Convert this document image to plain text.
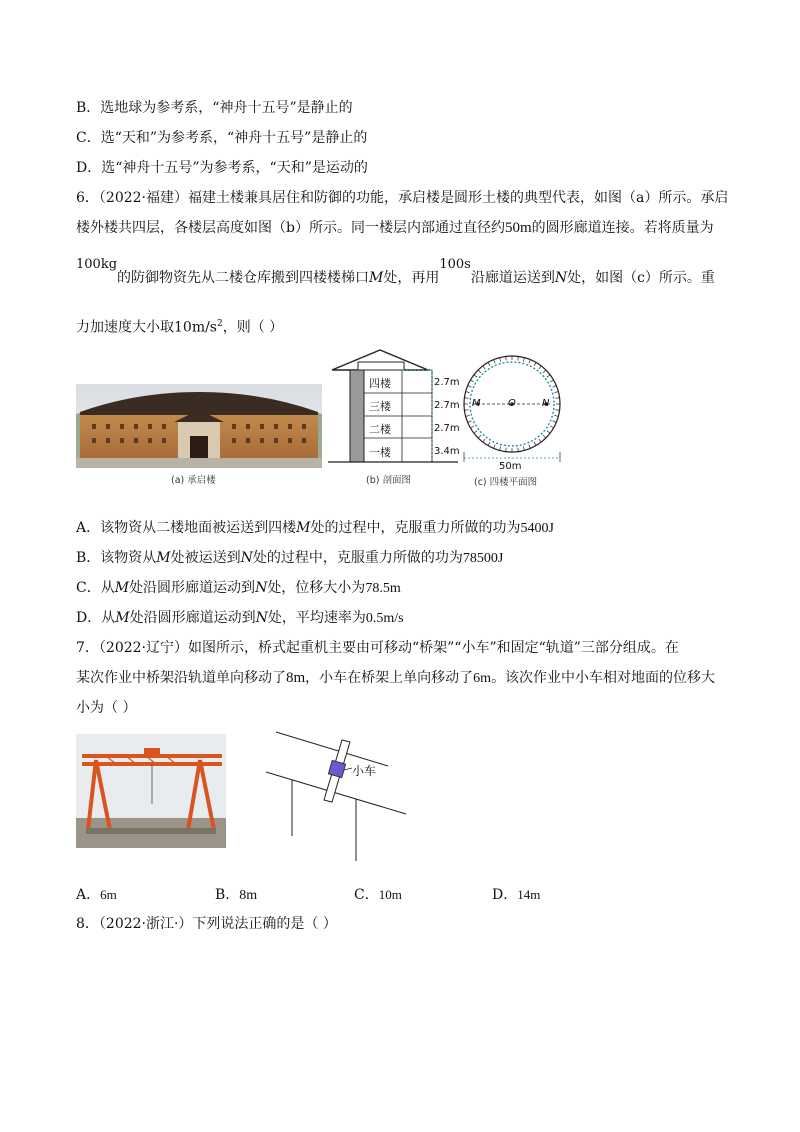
B．选地球为参考系，“神舟十五号”是静止的
C．选“天和”为参考系，“神舟十五号”是静止的
D．选“神舟十五号”为参考系，“天和”是运动的
6．（2022·福建）福建土楼兼具居住和防御的功能，承启楼是圆形土楼的典型代表，如图（a）所示。承启
楼外楼共四层，各楼层高度如图（b）所示。同一楼层内部通过直径约50m的圆形廊道连接。若将质量为
100kg的防御物资先从二楼仓库搬到四楼楼梯口M处，再用100s沿廊道运送到N处，如图（c）所示。重
力加速度大小取$10m/s^2$，则（ ）
(a) 承启楼
四楼
三楼
二楼
一楼
2.7m
2.7m
2.7m
3.4m
(b) 剖面图
M	O	N
50m
(c) 四楼平面图
A．该物资从二楼地面被运送到四楼M处的过程中，克服重力所做的功为5400J
B．该物资从M处被运送到N处的过程中，克服重力所做的功为78500J
C．从M处沿圆形廊道运动到N处，位移大小为78.5m
D．从M处沿圆形廊道运动到N处，平均速率为0.5m/s
7．（2022·辽宁）如图所示，桥式起重机主要由可移动“桥架”“小车”和固定“轨道”三部分组成。在
某次作业中桥架沿轨道单向移动了8m，小车在桥架上单向移动了6m。该次作业中小车相对地面的位移大
小为（ ）
小车
A．6m	B．8m	C．10m	D．14m
8．（2022·浙江·）下列说法正确的是（ ）
